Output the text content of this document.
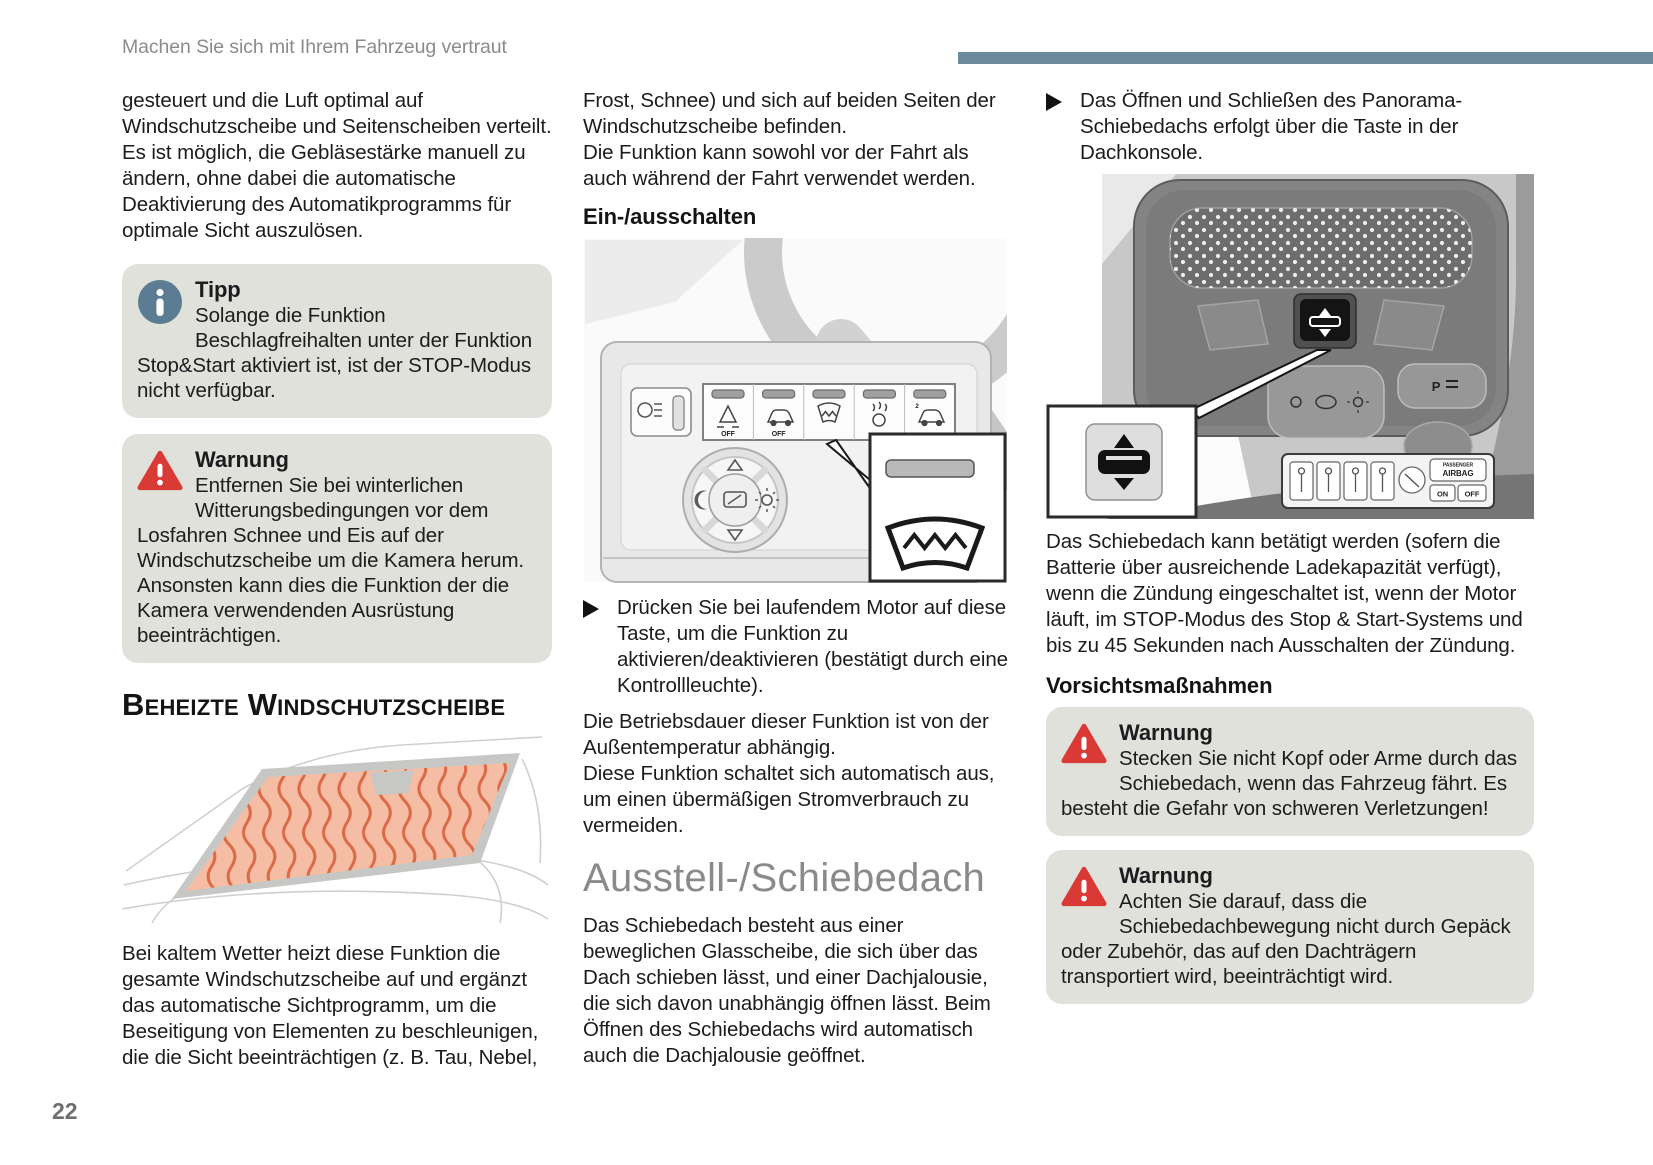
Machen Sie sich mit Ihrem Fahrzeug vertraut
gesteuert und die Luft optimal auf Windschutzscheibe und Seitenscheiben verteilt.
Es ist möglich, die Gebläsestärke manuell zu ändern, ohne dabei die automatische Deaktivierung des Automatikprogramms für optimale Sicht auszulösen.
Tipp
Solange die Funktion Beschlagfreihalten unter der Funktion Stop&Start aktiviert ist, ist der STOP-Modus nicht verfügbar.
Warnung
Entfernen Sie bei winterlichen Witterungsbedingungen vor dem Losfahren Schnee und Eis auf der Windschutzscheibe um die Kamera herum.
Ansonsten kann dies die Funktion der die Kamera verwendenden Ausrüstung beeinträchtigen.
Beheizte Windschutzscheibe
Bei kaltem Wetter heizt diese Funktion die gesamte Windschutzscheibe auf und ergänzt das automatische Sichtprogramm, um die Beseitigung von Elementen zu beschleunigen, die die Sicht beeinträchtigen (z. B. Tau, Nebel,
Frost, Schnee) und sich auf beiden Seiten der Windschutzscheibe befinden.
Die Funktion kann sowohl vor der Fahrt als auch während der Fahrt verwendet werden.
Ein-/ausschalten
OFF	OFF
2
Drücken Sie bei laufendem Motor auf diese Taste, um die Funktion zu aktivieren/deaktivieren (bestätigt durch eine Kontrollleuchte).
Die Betriebsdauer dieser Funktion ist von der Außentemperatur abhängig.
Diese Funktion schaltet sich automatisch aus, um einen übermäßigen Stromverbrauch zu vermeiden.
Ausstell-/Schiebedach
Das Schiebedach besteht aus einer beweglichen Glasscheibe, die sich über das Dach schieben lässt, und einer Dachjalousie, die sich davon unabhängig öffnen lässt. Beim Öffnen des Schiebedachs wird automatisch auch die Dachjalousie geöffnet.
Das Öffnen und Schließen des Panorama-Schiebedachs erfolgt über die Taste in der Dachkonsole.
P
PASSENGER
AIRBAG
ON OFF
Das Schiebedach kann betätigt werden (sofern die Batterie über ausreichende Ladekapazität verfügt), wenn die Zündung eingeschaltet ist, wenn der Motor läuft, im STOP-Modus des Stop & Start-Systems und bis zu 45 Sekunden nach Ausschalten der Zündung.
Vorsichtsmaßnahmen
Warnung
Stecken Sie nicht Kopf oder Arme durch das Schiebedach, wenn das Fahrzeug fährt. Es besteht die Gefahr von schweren Verletzungen!
Warnung
Achten Sie darauf, dass die Schiebedachbewegung nicht durch Gepäck oder Zubehör, das auf den Dachträgern transportiert wird, beeinträchtigt wird.
22
